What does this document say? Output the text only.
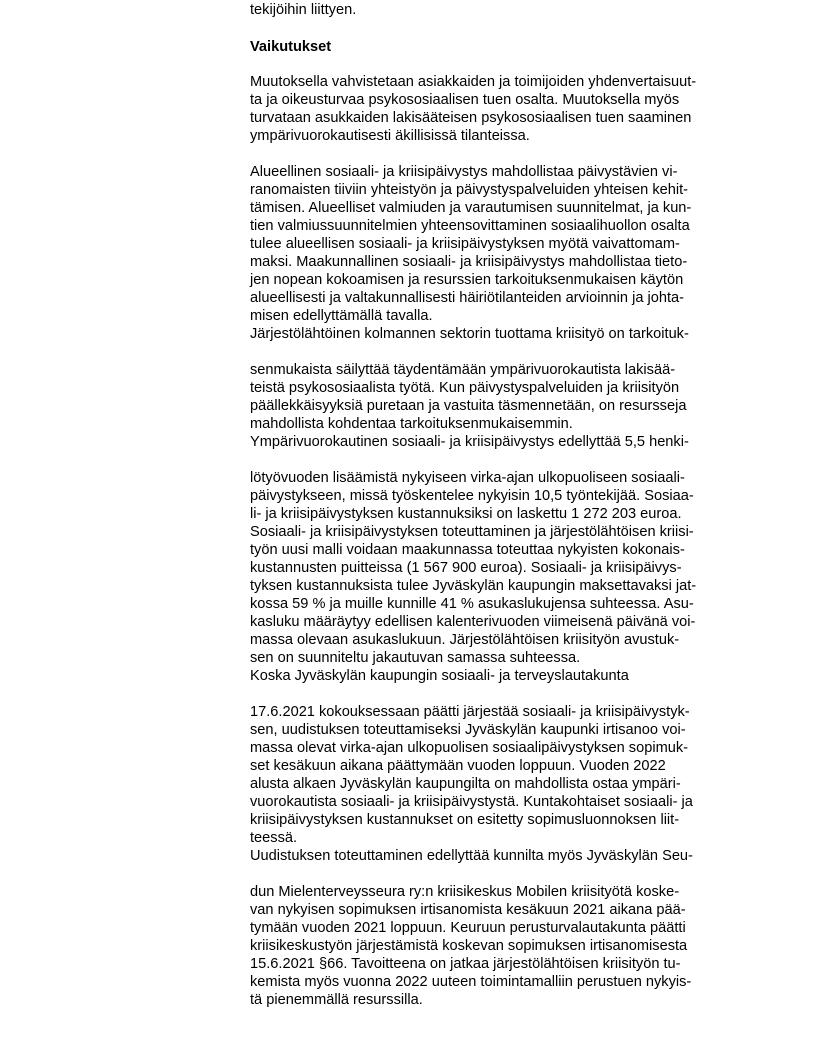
tekijöihin liittyen.

Vaikutukset

Muutoksella vahvistetaan asiakkaiden ja toimijoiden yhdenvertaisuut-

ta ja oikeusturvaa psykososiaalisen tuen osalta. Muutoksella myös

turvataan asukkaiden lakisääteisen psykososiaalisen tuen saaminen

ympärivuorokautisesti äkillisissä tilanteissa.

Alueellinen sosiaali- ja kriisipäivystys mahdollistaa päivystävien vi-

ranomaisten tiiviin yhteistyön ja päivystyspalveluiden yhteisen kehit-

tämisen. Alueelliset valmiuden ja varautumisen suunnitelmat, ja kun-

tien valmiussuunnitelmien yhteensovittaminen sosiaalihuollon osalta

tulee alueellisen sosiaali- ja kriisipäivystyksen myötä vaivattomam-

maksi. Maakunnallinen sosiaali- ja kriisipäivystys mahdollistaa tieto-

jen nopean kokoamisen ja resurssien tarkoituksenmukaisen käytön

alueellisesti ja valtakunnallisesti häiriötilanteiden arvioinnin ja johta-

misen edellyttämällä tavalla.

Järjestölähtöinen kolmannen sektorin tuottama kriisityö on tarkoituk-

senmukaista säilyttää täydentämään ympärivuorokautista lakisää-

teistä psykososiaalista työtä. Kun päivystyspalveluiden ja kriisityön

päällekkäisyyksiä puretaan ja vastuita täsmennetään, on resursseja

mahdollista kohdentaa tarkoituksenmukaisemmin.

Ympärivuorokautinen sosiaali- ja kriisipäivystys edellyttää 5,5 henki-

lötyövuoden lisäämistä nykyiseen virka-ajan ulkopuoliseen sosiaali-

päivystykseen, missä työskentelee nykyisin 10,5 työntekijää. Sosiaa-

li- ja kriisipäivystyksen kustannuksiksi on laskettu 1 272 203 euroa.

Sosiaali- ja kriisipäivystyksen toteuttaminen ja järjestölähtöisen kriisi-

työn uusi malli voidaan maakunnassa toteuttaa nykyisten kokonais-

kustannusten puitteissa (1 567 900 euroa). Sosiaali- ja kriisipäivys-

tyksen kustannuksista tulee Jyväskylän kaupungin maksettavaksi jat-

kossa 59 % ja muille kunnille 41 % asukaslukujensa suhteessa. Asu-

kasluku määräytyy edellisen kalenterivuoden viimeisenä päivänä voi-

massa olevaan asukaslukuun. Järjestölähtöisen kriisityön avustuk-

sen on suunniteltu jakautuvan samassa suhteessa.

Koska Jyväskylän kaupungin sosiaali- ja terveyslautakunta

17.6.2021 kokouksessaan päätti järjestää sosiaali- ja kriisipäivystyk-

sen, uudistuksen toteuttamiseksi Jyväskylän kaupunki irtisanoo voi-

massa olevat virka-ajan ulkopuolisen sosiaalipäivystyksen sopimuk-

set kesäkuun aikana päättymään vuoden loppuun. Vuoden 2022

alusta alkaen Jyväskylän kaupungilta on mahdollista ostaa ympäri-

vuorokautista sosiaali- ja kriisipäivystystä. Kuntakohtaiset sosiaali- ja

kriisipäivystyksen kustannukset on esitetty sopimusluonnoksen liit-

teessä.

Uudistuksen toteuttaminen edellyttää kunnilta myös Jyväskylän Seu-

dun Mielenterveysseura ry:n kriisikeskus Mobilen kriisityötä koske-

van nykyisen sopimuksen irtisanomista kesäkuun 2021 aikana pää-

tymään vuoden 2021 loppuun. Keuruun perusturvalautakunta päätti

kriisikeskustyön järjestämistä koskevan sopimuksen irtisanomisesta

15.6.2021 §66. Tavoitteena on jatkaa järjestölähtöisen kriisityön tu-

kemista myös vuonna 2022 uuteen toimintamalliin perustuen nykyis-

tä pienemmällä resurssilla.
